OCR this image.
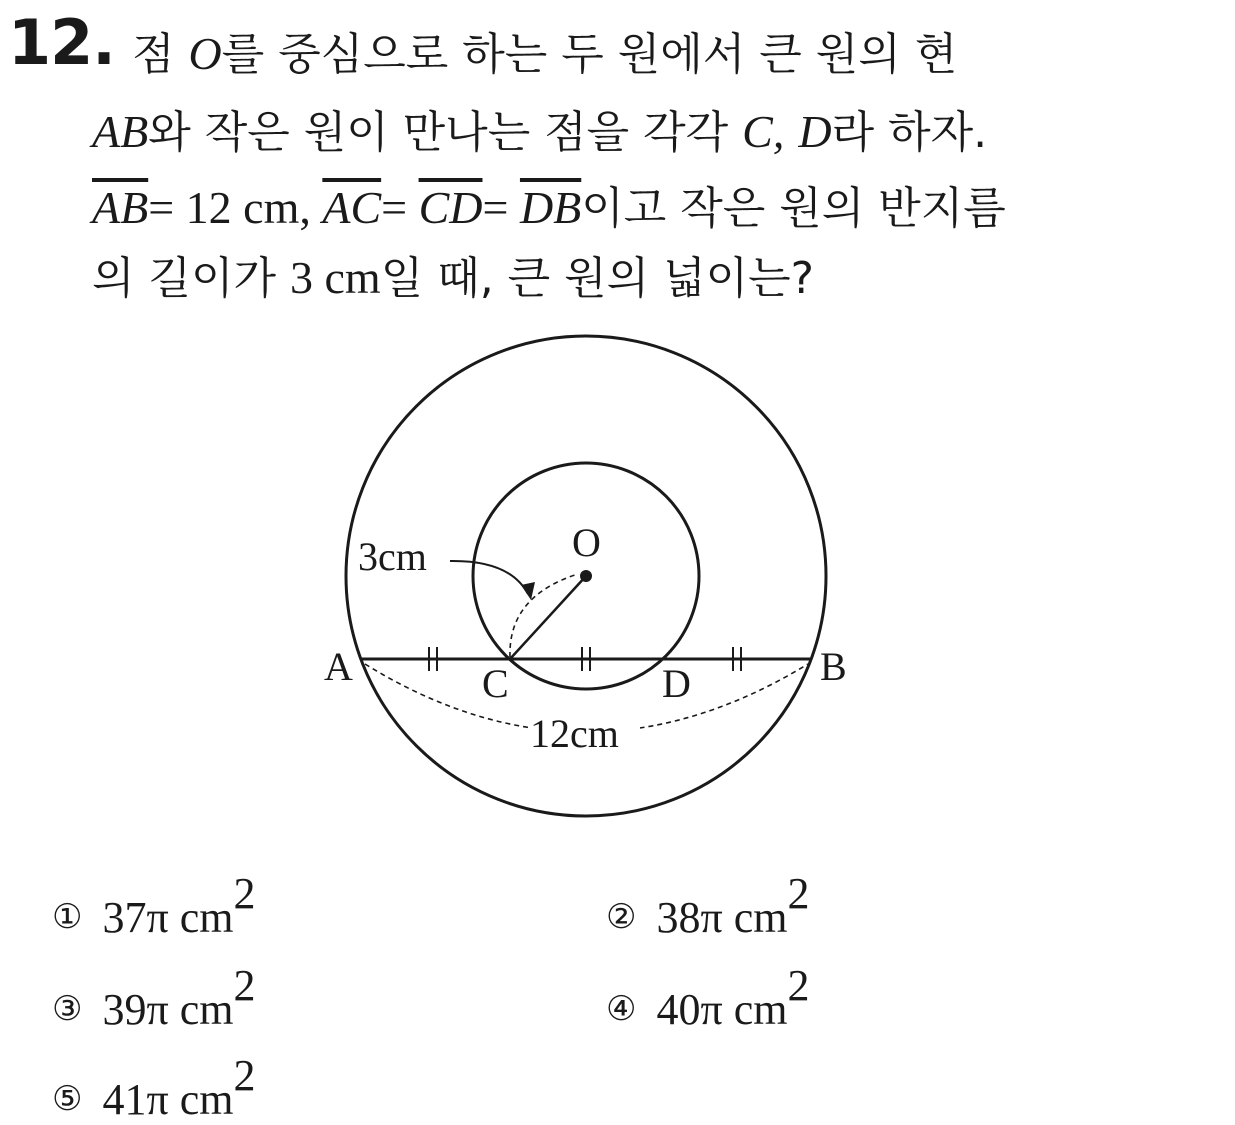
12. 점 O를 중심으로 하는 두 원에서 큰 원의 현
AB와 작은 원이 만나는 점을 각각 C, D라 하자.
$\overline{AB}= 12$ cm, $\overline{AC}= \overline{CD}= \overline{DB}$이고 작은 원의 반지름
의 길이가 3 cm일 때, 큰 원의 넓이는?
O
A	B
C	D
3cm
12cm
① 37π $cm^2$	② 38π $cm^2$
③ 39π $cm^2$	④ 40π $cm^2$
⑤ 41π $cm^2$
